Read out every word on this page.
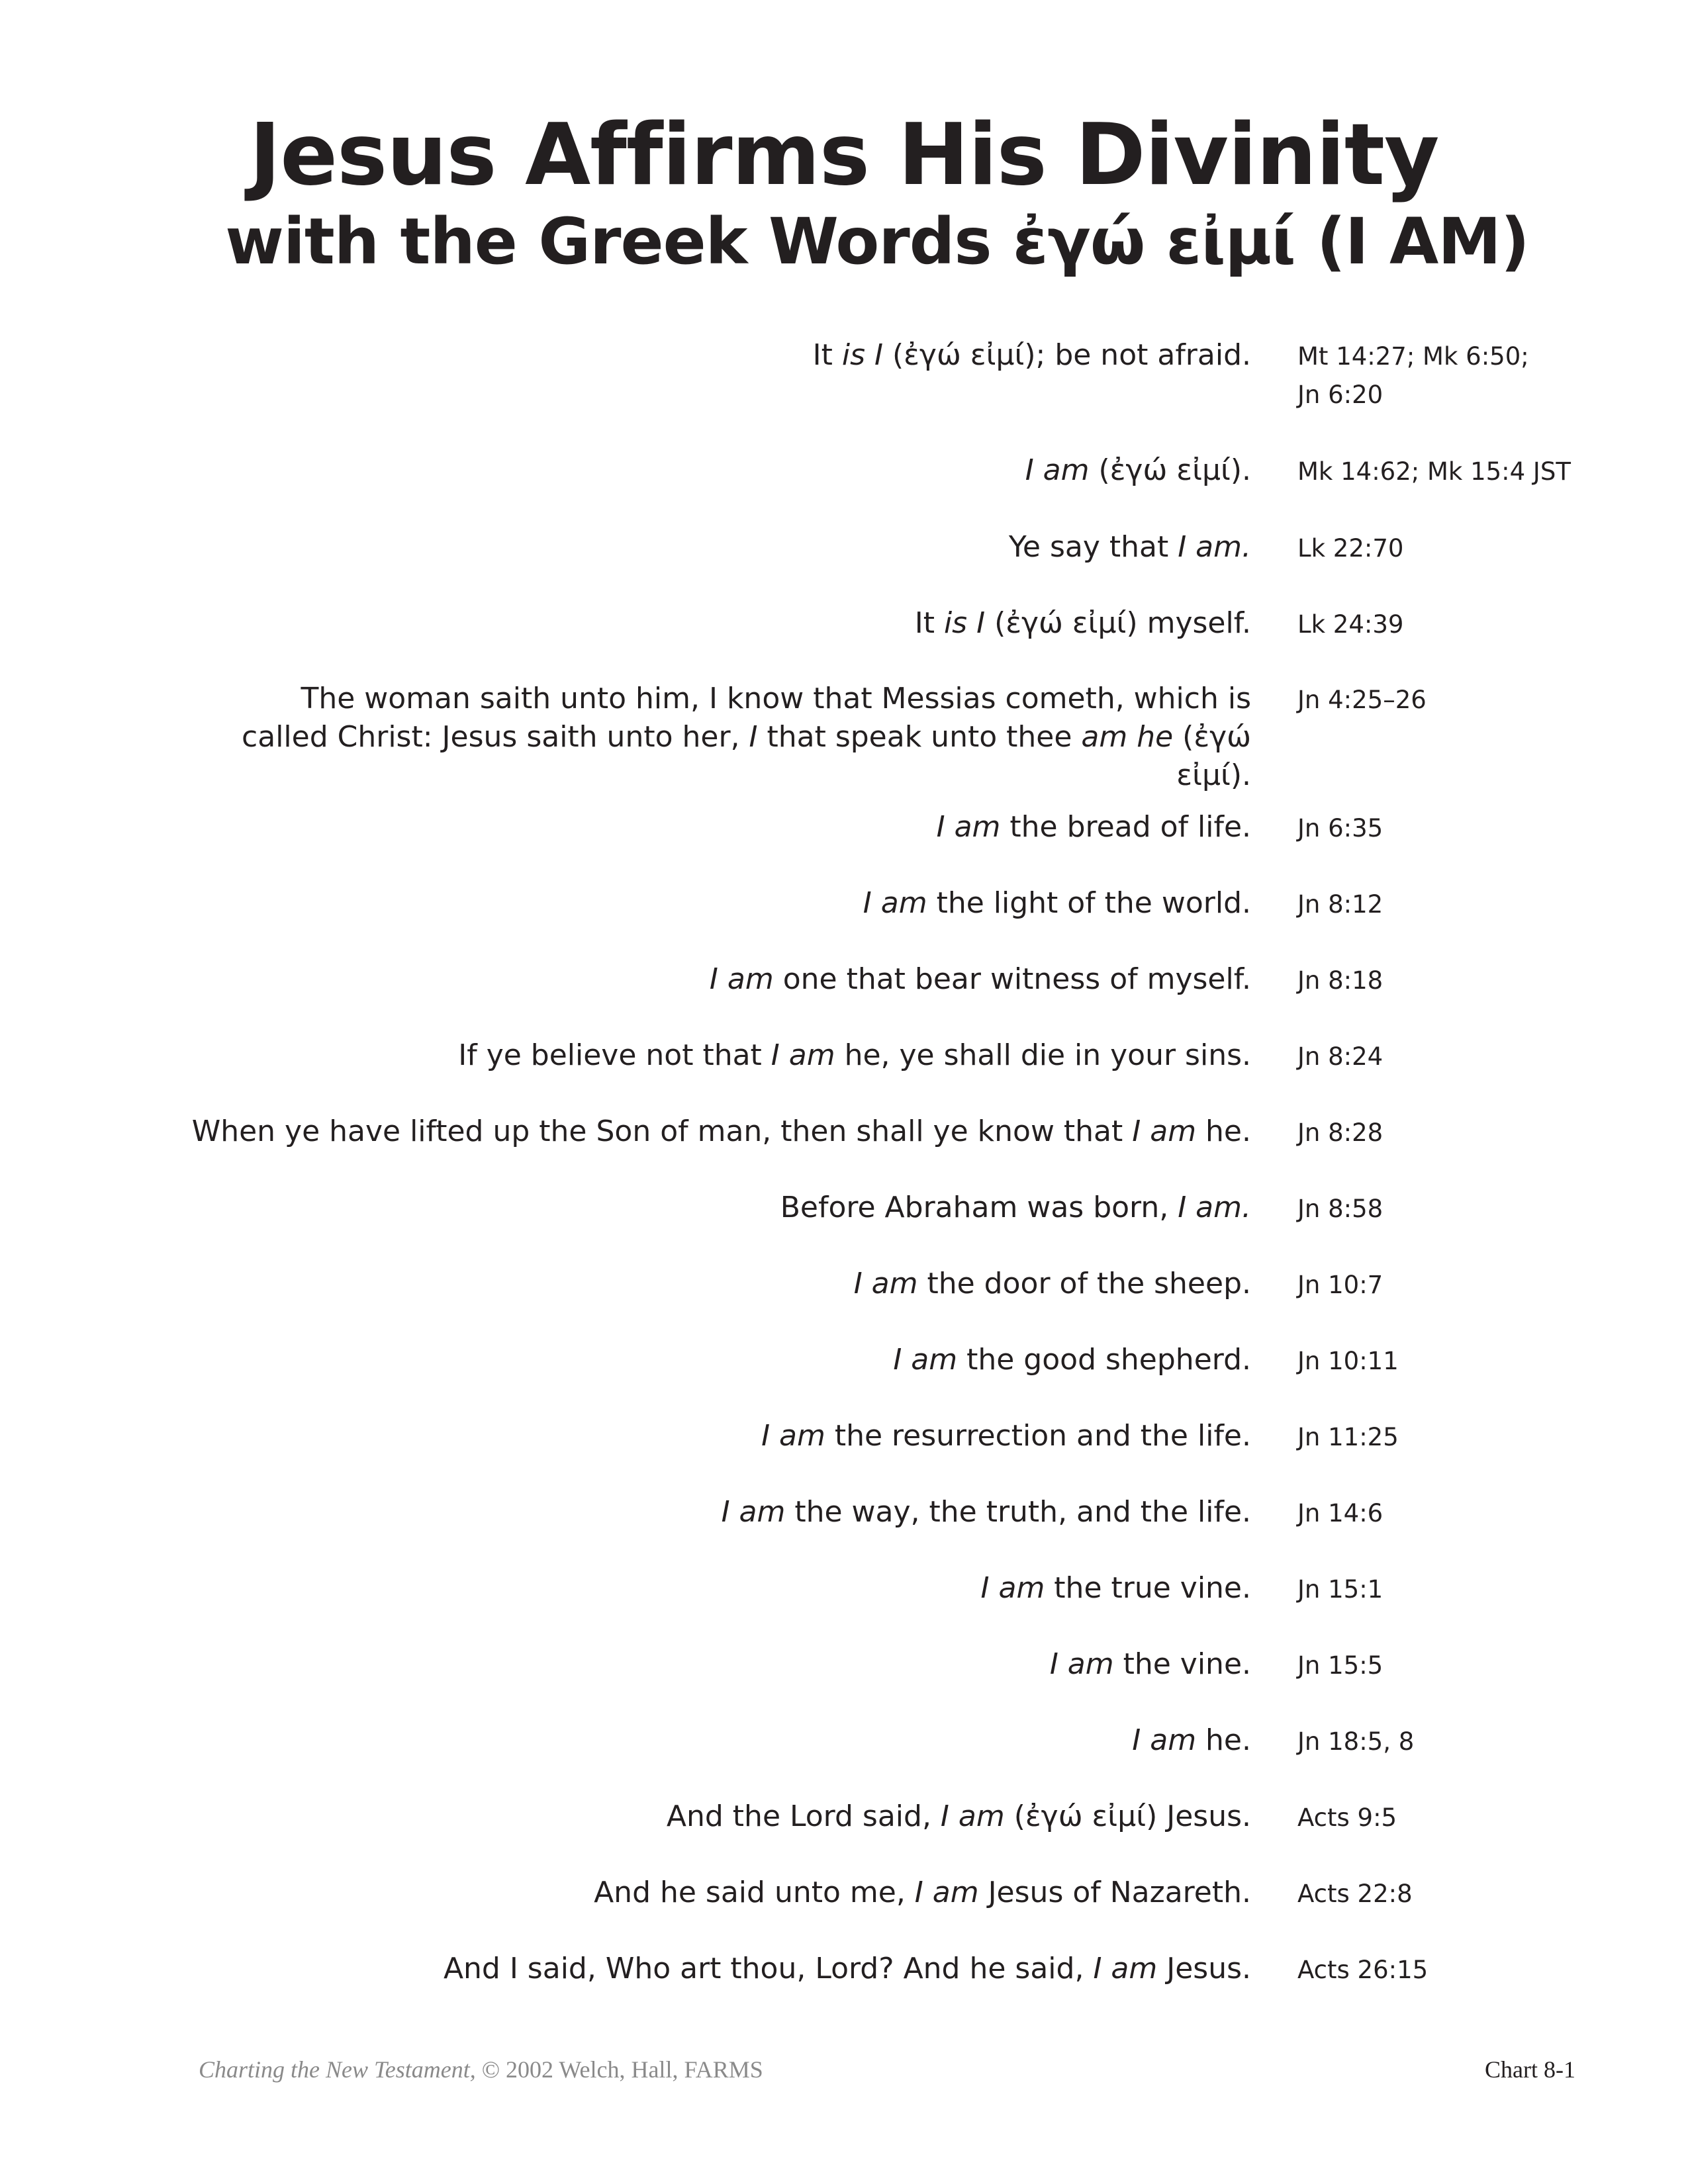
Jesus Affirms His Divinity
with the Greek Words ἐγώ εἰμί (I AM)
It is I (ἐγώ εἰμί); be not afraid. Mt 14:27; Mk 6:50;
Jn 6:20
I am (ἐγώ εἰμί). Mk 14:62; Mk 15:4 JST
Ye say that I am. Lk 22:70
It is I (ἐγώ εἰμί) myself. Lk 24:39
The woman saith unto him, I know that Messias cometh, which is called Christ: Jesus saith unto her, I that speak unto thee am he (ἐγώ εἰμί).
Jn 4:25–26
I am the bread of life. Jn 6:35
I am the light of the world. Jn 8:12
I am one that bear witness of myself. Jn 8:18
If ye believe not that I am he, ye shall die in your sins. Jn 8:24
When ye have lifted up the Son of man, then shall ye know that I am he. Jn 8:28
Before Abraham was born, I am. Jn 8:58
I am the door of the sheep. Jn 10:7
I am the good shepherd. Jn 10:11
I am the resurrection and the life. Jn 11:25
I am the way, the truth, and the life. Jn 14:6
I am the true vine. Jn 15:1
I am the vine. Jn 15:5
I am he. Jn 18:5, 8
And the Lord said, I am (ἐγώ εἰμί) Jesus. Acts 9:5
And he said unto me, I am Jesus of Nazareth. Acts 22:8
And I said, Who art thou, Lord? And he said, I am Jesus. Acts 26:15
Charting the New Testament, © 2002 Welch, Hall, FARMS	Chart 8-1
